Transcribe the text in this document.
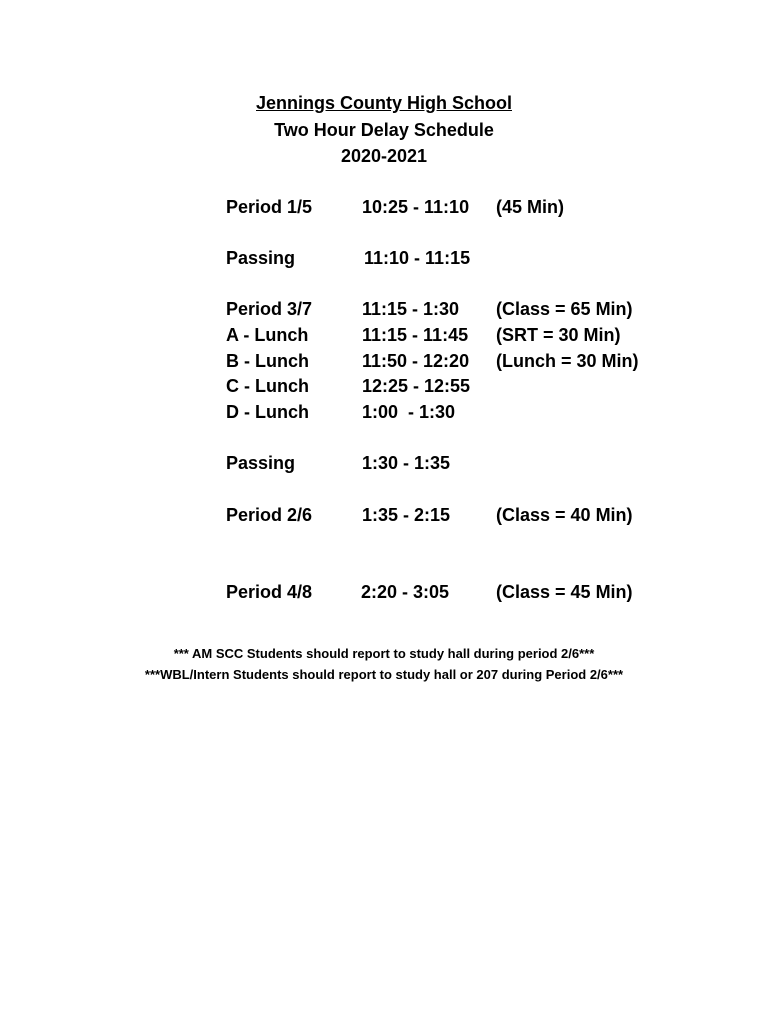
Jennings County High School
Two Hour Delay Schedule
2020-2021
Period 1/5	10:25 - 11:10 (45 Min)
Passing	11:10 - 11:15
Period 3/7	11:15 - 1:30 (Class = 65 Min)
A - Lunch	11:15 - 11:45 (SRT = 30 Min)
B - Lunch	11:50 - 12:20 (Lunch = 30 Min)
C - Lunch	12:25 - 12:55
D - Lunch	1:00  - 1:30
Passing	1:30 - 1:35
Period 2/6	1:35 - 2:15	(Class = 40 Min)
Period 4/8	2:20 - 3:05	(Class = 45 Min)
*** AM SCC Students should report to study hall during period 2/6***
***WBL/Intern Students should report to study hall or 207 during Period 2/6***
